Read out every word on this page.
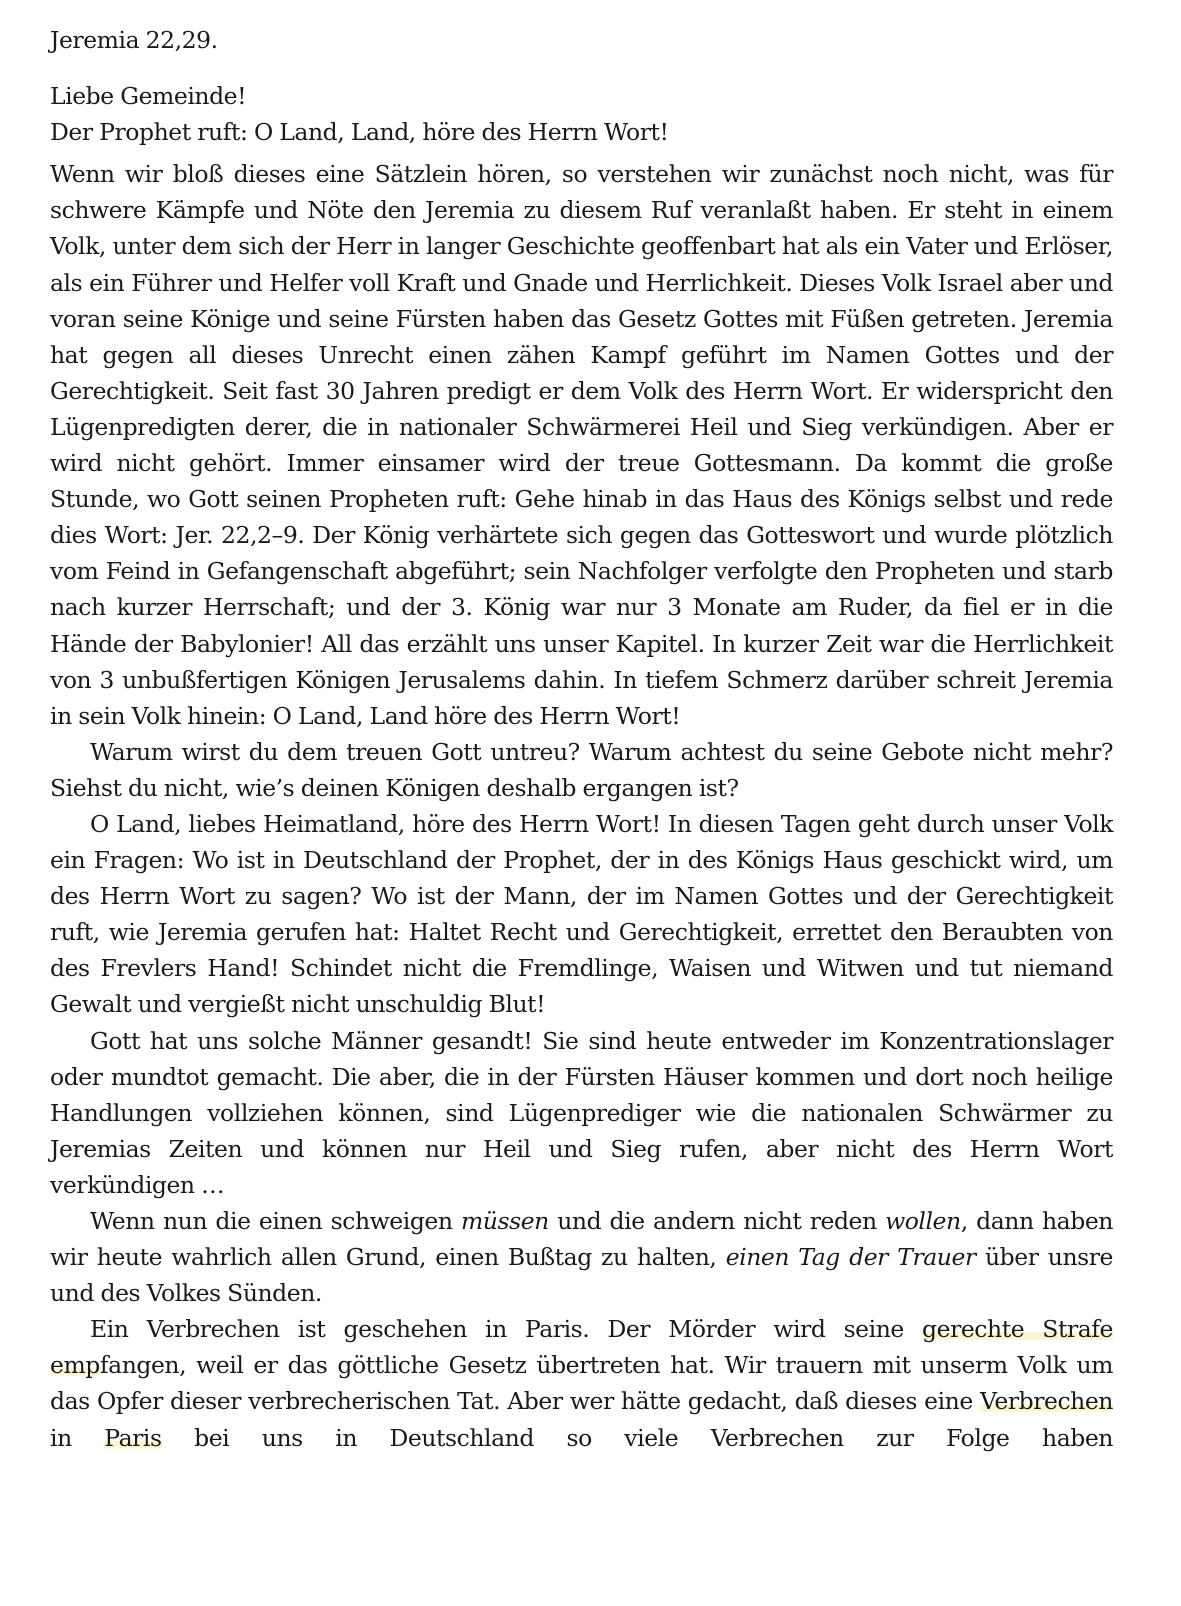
Jeremia 22,29.
Liebe Gemeinde!
Der Prophet ruft: O Land, Land, höre des Herrn Wort!

Wenn wir bloß dieses eine Sätzlein hören, so verstehen wir zunächst noch nicht, was für schwere Kämpfe und Nöte den Jeremia zu diesem Ruf veranlaßt haben. Er steht in einem Volk, unter dem sich der Herr in langer Geschichte geoffenbart hat als ein Vater und Erlöser, als ein Führer und Helfer voll Kraft und Gnade und Herrlichkeit. Dieses Volk Israel aber und voran seine Könige und seine Fürsten haben das Gesetz Gottes mit Füßen getreten. Jeremia hat gegen all dieses Unrecht einen zähen Kampf geführt im Namen Gottes und der Gerechtigkeit. Seit fast 30 Jahren predigt er dem Volk des Herrn Wort. Er widerspricht den Lügenpredigten derer, die in nationaler Schwärmerei Heil und Sieg verkündigen. Aber er wird nicht gehört. Immer einsamer wird der treue Gottesmann. Da kommt die große Stunde, wo Gott seinen Propheten ruft: Gehe hinab in das Haus des Königs selbst und rede dies Wort: Jer. 22,2–9. Der König verhärtete sich gegen das Gotteswort und wurde plötzlich vom Feind in Gefangenschaft abgeführt; sein Nachfolger verfolgte den Propheten und starb nach kurzer Herrschaft; und der 3. König war nur 3 Monate am Ruder, da fiel er in die Hände der Babylonier! All das erzählt uns unser Kapitel. In kurzer Zeit war die Herrlichkeit von 3 unbußfertigen Königen Jerusalems dahin. In tiefem Schmerz darüber schreit Jeremia in sein Volk hinein: O Land, Land höre des Herrn Wort!

Warum wirst du dem treuen Gott untreu? Warum achtest du seine Gebote nicht mehr? Siehst du nicht, wie’s deinen Königen deshalb ergangen ist?

O Land, liebes Heimatland, höre des Herrn Wort! In diesen Tagen geht durch unser Volk ein Fragen: Wo ist in Deutschland der Prophet, der in des Königs Haus geschickt wird, um des Herrn Wort zu sagen? Wo ist der Mann, der im Namen Gottes und der Gerechtigkeit ruft, wie Jeremia gerufen hat: Haltet Recht und Gerechtigkeit, errettet den Beraubten von des Frevlers Hand! Schindet nicht die Fremdlinge, Waisen und Witwen und tut niemand Gewalt und vergießt nicht unschuldig Blut!

Gott hat uns solche Männer gesandt! Sie sind heute entweder im Konzentrationslager oder mundtot gemacht. Die aber, die in der Fürsten Häuser kommen und dort noch heilige Handlungen vollziehen können, sind Lügenprediger wie die nationalen Schwärmer zu Jeremias Zeiten und können nur Heil und Sieg rufen, aber nicht des Herrn Wort verkündigen …

Wenn nun die einen schweigen müssen und die andern nicht reden wollen, dann haben wir heute wahrlich allen Grund, einen Bußtag zu halten, einen Tag der Trauer über unsre und des Volkes Sünden.

Ein Verbrechen ist geschehen in Paris. Der Mörder wird seine gerechte Strafe empfangen, weil er das göttliche Gesetz übertreten hat. Wir trauern mit unserm Volk um das Opfer dieser verbrecherischen Tat. Aber wer hätte gedacht, daß dieses eine Verbrechen in Paris bei uns in Deutschland so viele Verbrechen zur Folge haben
